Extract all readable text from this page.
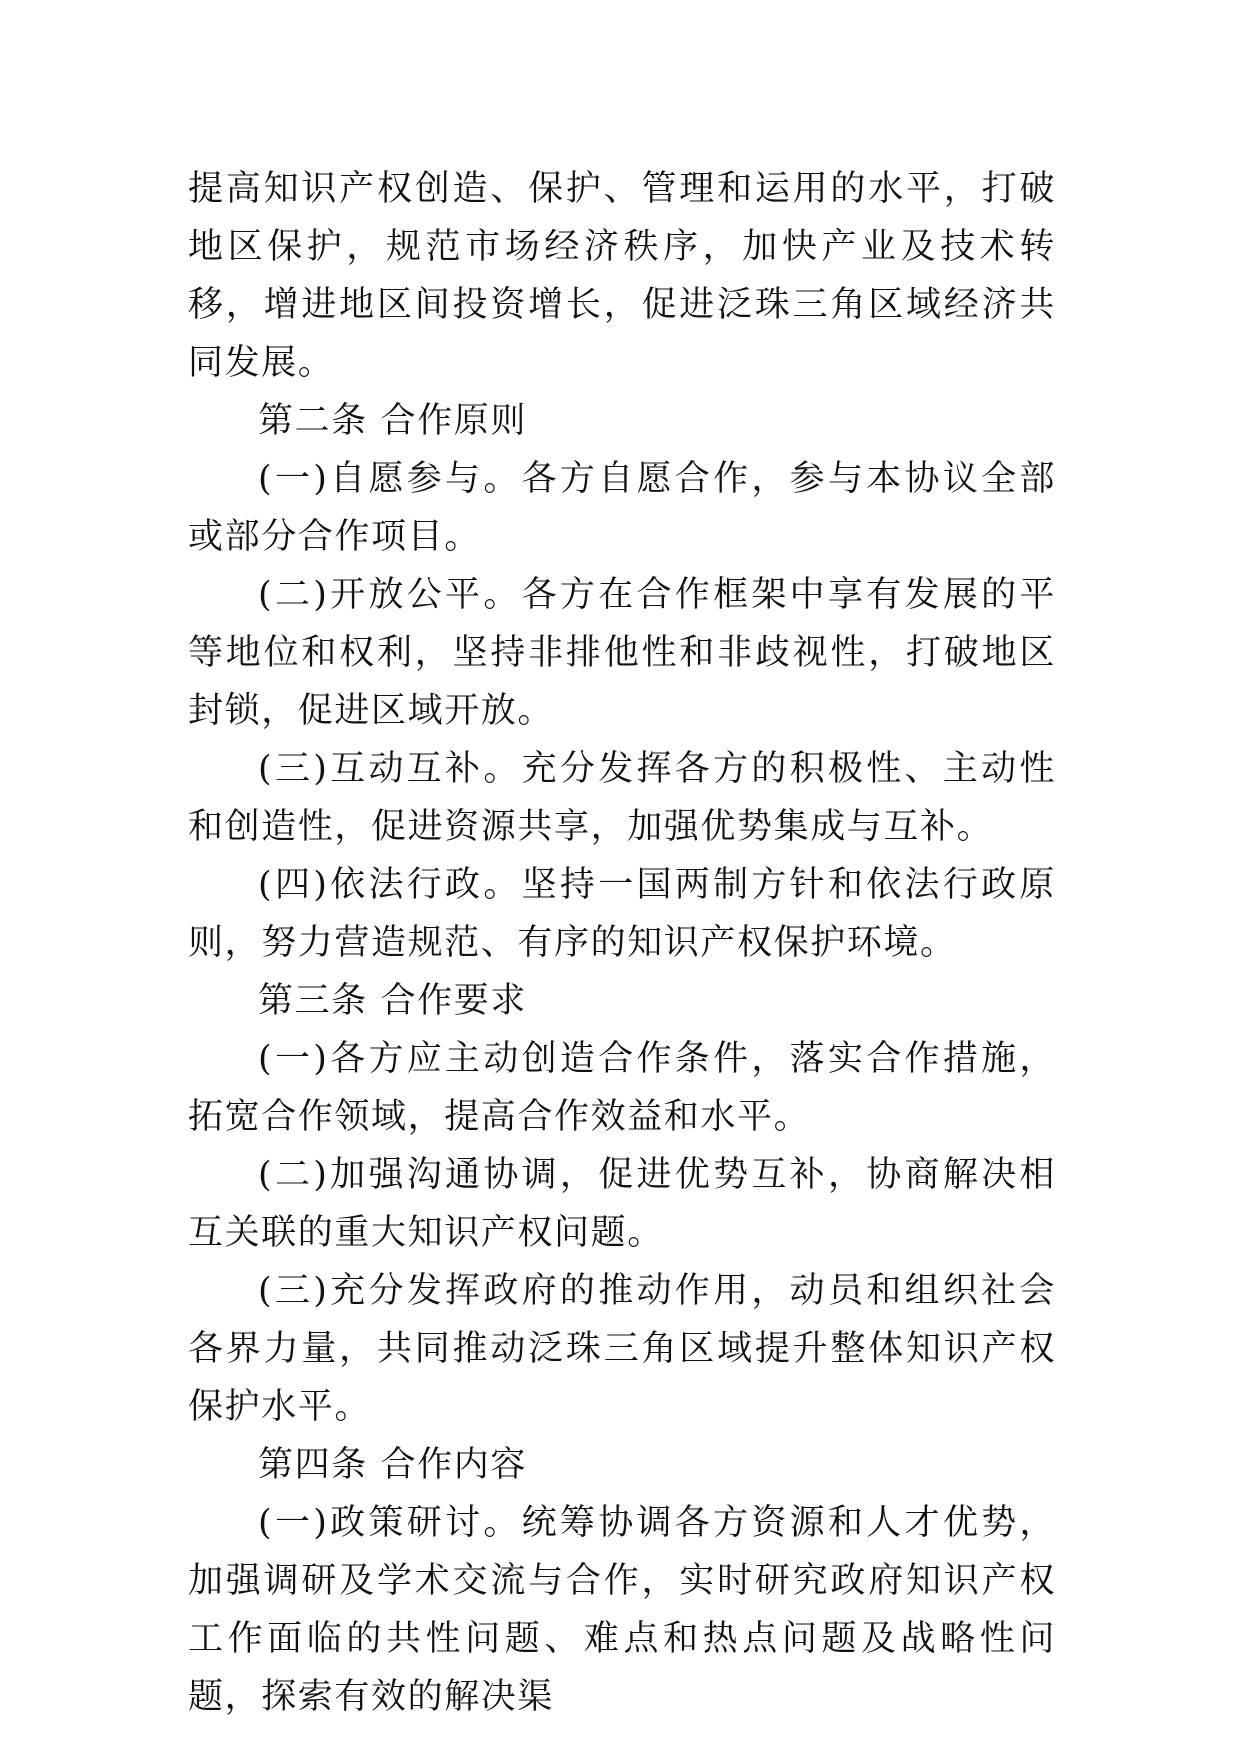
提高知识产权创造、保护、管理和运用的水平，打破地区保护，规范市场经济秩序，加快产业及技术转移，增进地区间投资增长，促进泛珠三角区域经济共同发展。

第二条 合作原则

(一)自愿参与。各方自愿合作，参与本协议全部或部分合作项目。

(二)开放公平。各方在合作框架中享有发展的平等地位和权利，坚持非排他性和非歧视性，打破地区封锁，促进区域开放。

(三)互动互补。充分发挥各方的积极性、主动性和创造性，促进资源共享，加强优势集成与互补。

(四)依法行政。坚持一国两制方针和依法行政原则，努力营造规范、有序的知识产权保护环境。

第三条 合作要求

(一)各方应主动创造合作条件，落实合作措施，拓宽合作领域，提高合作效益和水平。

(二)加强沟通协调，促进优势互补，协商解决相互关联的重大知识产权问题。

(三)充分发挥政府的推动作用，动员和组织社会各界力量，共同推动泛珠三角区域提升整体知识产权保护水平。

第四条 合作内容

(一)政策研讨。统筹协调各方资源和人才优势，加强调研及学术交流与合作，实时研究政府知识产权工作面临的共性问题、难点和热点问题及战略性问题，探索有效的解决渠
